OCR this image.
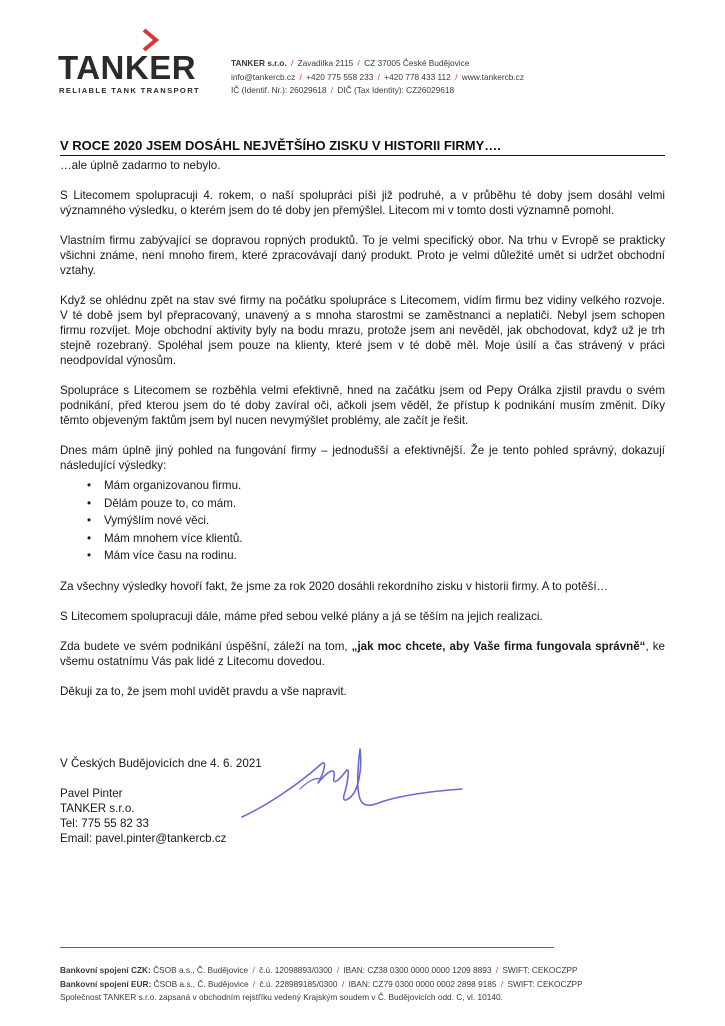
TANKER
RELIABLE TANK TRANSPORT
TANKER s.r.o. / Zavadilka 2115 / CZ 37005 České Budějovice
info@tankercb.cz / +420 775 558 233 / +420 778 433 112 / www.tankercb.cz
IČ (Identif. Nr.): 26029618 / DIČ (Tax Identity): CZ26029618
V ROCE 2020 JSEM DOSÁHL NEJVĚTŠÍHO ZISKU V HISTORII FIRMY….

…ale úplně zadarmo to nebylo.

S Litecomem spolupracuji 4. rokem, o naší spolupráci píši již podruhé, a v průběhu té doby jsem dosáhl velmi významného výsledku, o kterém jsem do té doby jen přemýšlel. Litecom mi v tomto dosti významně pomohl.

Vlastním firmu zabývající se dopravou ropných produktů. To je velmi specifický obor. Na trhu v Evropě se prakticky všichni známe, není mnoho firem, které zpracovávají daný produkt. Proto je velmi důležité umět si udržet obchodní vztahy.

Když se ohlédnu zpět na stav své firmy na počátku spolupráce s Litecomem, vidím firmu bez vidiny velkého rozvoje. V té době jsem byl přepracovaný, unavený a s mnoha starostmi se zaměstnanci a neplatiči. Nebyl jsem schopen firmu rozvíjet. Moje obchodní aktivity byly na bodu mrazu, protože jsem ani nevěděl, jak obchodovat, když už je trh stejně rozebraný. Spoléhal jsem pouze na klienty, které jsem v té době měl. Moje úsilí a čas strávený v práci neodpovídal výnosům.

Spolupráce s Litecomem se rozběhla velmi efektivně, hned na začátku jsem od Pepy Orálka zjistil pravdu o svém podnikání, před kterou jsem do té doby zavíral oči, ačkoli jsem věděl, že přístup k podnikání musím změnit. Díky těmto objeveným faktům jsem byl nucen nevymýšlet problémy, ale začít je řešit.

Dnes mám úplně jiný pohled na fungování firmy – jednodušší a efektivnější. Že je tento pohled správný, dokazují následující výsledky:

• Mám organizovanou firmu.
• Dělám pouze to, co mám.
• Vymýšlím nové věci.
• Mám mnohem více klientů.
• Mám více času na rodinu.

Za všechny výsledky hovoří fakt, že jsme za rok 2020 dosáhli rekordního zisku v historii firmy. A to potěší…

S Litecomem spolupracuji dále, máme před sebou velké plány a já se těším na jejich realizaci.

Zda budete ve svém podnikání úspěšní, záleží na tom, „jak moc chcete, aby Vaše firma fungovala správně“, ke všemu ostatnímu Vás pak lidé z Litecomu dovedou.

Děkuji za to, že jsem mohl uvidět pravdu a vše napravit.

V Českých Budějovicích dne 4. 6. 2021

Pavel Pinter

TANKER s.r.o.

Tel: 775 55 82 33

Email: pavel.pinter@tankercb.cz

Bankovní spojení CZK: ČSOB a.s., Č. Budějovice / č.ú. 12098893/0300 / IBAN: CZ38 0300 0000 0000 1209 8893 / SWIFT: CEKOCZPP
Bankovní spojení EUR: ČSOB a.s., Č. Budějovice / č.ú. 228989185/0300 / IBAN: CZ79 0300 0000 0002 2898 9185 / SWIFT: CEKOCZPP
Společnost TANKER s.r.o. zapsaná v obchodním rejstříku vedený Krajským soudem v Č. Budějovicích odd. C, vl. 10140.
